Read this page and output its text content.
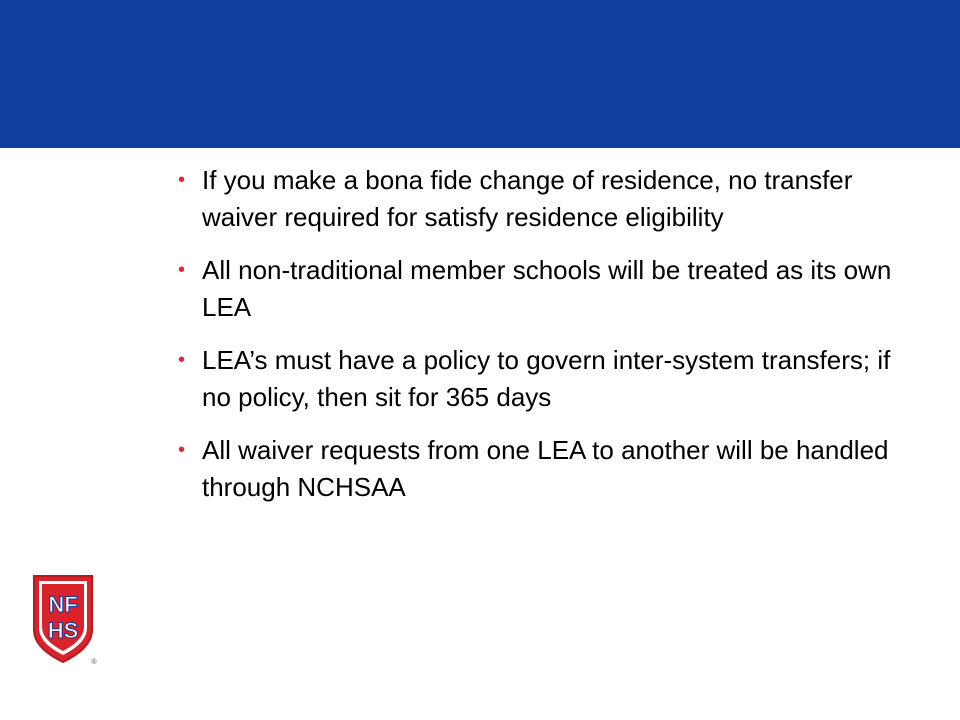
• If you make a bona fide change of residence, no transfer waiver required for satisfy residence eligibility
• All non-traditional member schools will be treated as its own LEA
• LEA’s must have a policy to govern inter-system transfers; if no policy, then sit for 365 days
• All waiver requests from one LEA to another will be handled through NCHSAA
NF
HS
®
